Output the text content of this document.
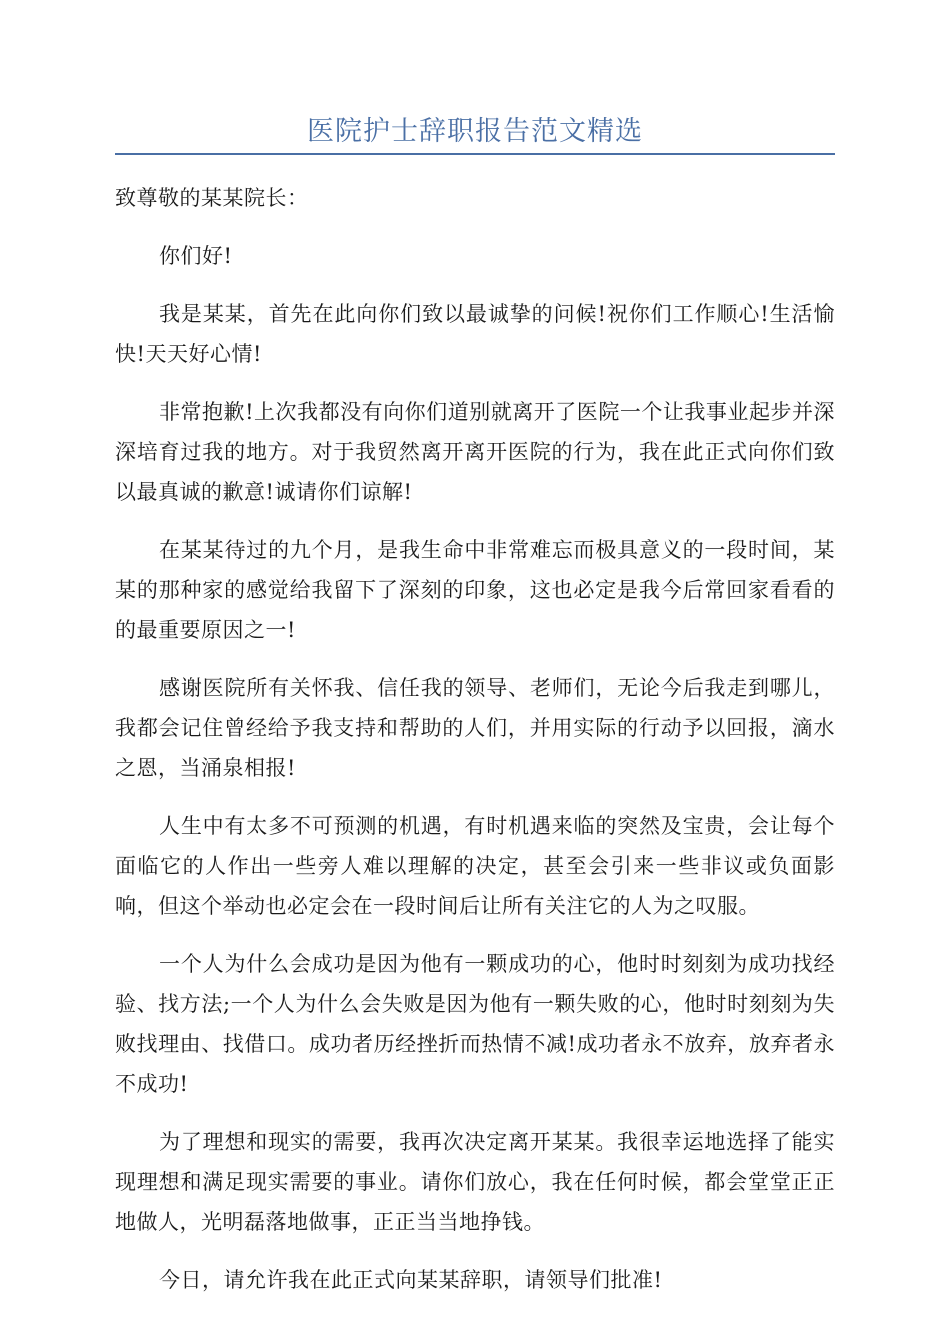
医院护士辞职报告范文精选

致尊敬的某某院长：

你们好!

我是某某，首先在此向你们致以最诚挚的问候!祝你们工作顺心!生活愉快!天天好心情!

非常抱歉!上次我都没有向你们道别就离开了医院一个让我事业起步并深深培育过我的地方。对于我贸然离开离开医院的行为，我在此正式向你们致以最真诚的歉意!诚请你们谅解!

在某某待过的九个月，是我生命中非常难忘而极具意义的一段时间，某某的那种家的感觉给我留下了深刻的印象，这也必定是我今后常回家看看的的最重要原因之一!

感谢医院所有关怀我、信任我的领导、老师们，无论今后我走到哪儿，我都会记住曾经给予我支持和帮助的人们，并用实际的行动予以回报，滴水之恩，当涌泉相报!

人生中有太多不可预测的机遇，有时机遇来临的突然及宝贵，会让每个面临它的人作出一些旁人难以理解的决定，甚至会引来一些非议或负面影响，但这个举动也必定会在一段时间后让所有关注它的人为之叹服。

一个人为什么会成功是因为他有一颗成功的心，他时时刻刻为成功找经验、找方法;一个人为什么会失败是因为他有一颗失败的心，他时时刻刻为失败找理由、找借口。成功者历经挫折而热情不减!成功者永不放弃，放弃者永不成功!

为了理想和现实的需要，我再次决定离开某某。我很幸运地选择了能实现理想和满足现实需要的事业。请你们放心，我在任何时候，都会堂堂正正地做人，光明磊落地做事，正正当当地挣钱。

今日，请允许我在此正式向某某辞职，请领导们批准!
